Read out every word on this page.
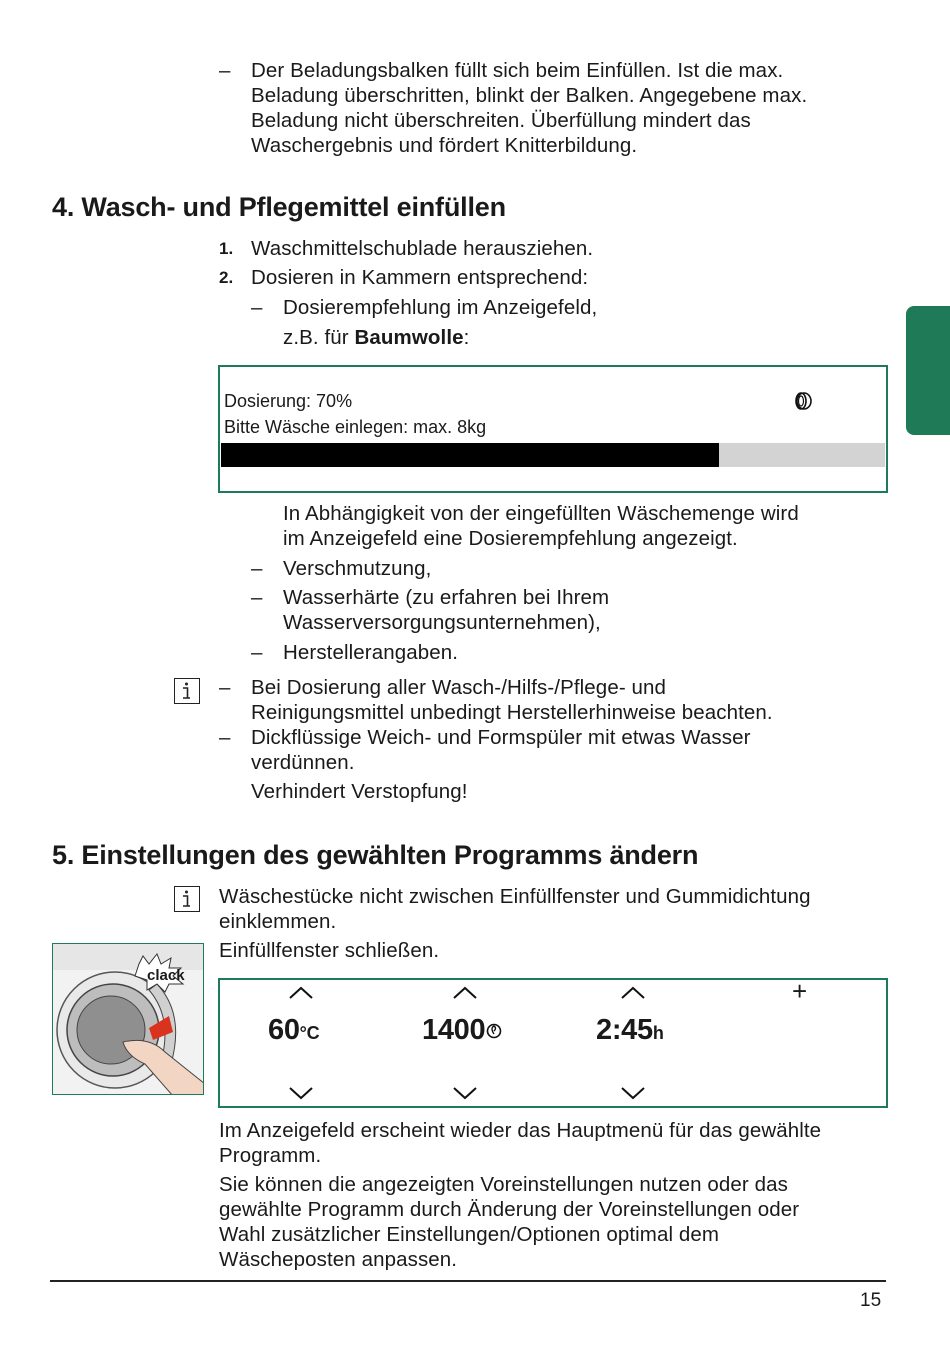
– Der Beladungsbalken füllt sich beim Einfüllen. Ist die max.
Beladung überschritten, blinkt der Balken. Angegebene max.
Beladung nicht überschreiten. Überfüllung mindert das
Waschergebnis und fördert Knitterbildung.
4. Wasch- und Pflegemittel einfüllen
1. Waschmittelschublade herausziehen.
2. Dosieren in Kammern entsprechend:
– Dosierempfehlung im Anzeigefeld,
z.B. für Baumwolle:
Dosierung: 70%
Bitte Wäsche einlegen: max. 8kg
In Abhängigkeit von der eingefüllten Wäschemenge wird
im Anzeigefeld eine Dosierempfehlung angezeigt.
– Verschmutzung,
– Wasserhärte (zu erfahren bei Ihrem
Wasserversorgungsunternehmen),
– Herstellerangaben.
– Bei Dosierung aller Wasch-/Hilfs-/Pflege- und
Reinigungsmittel unbedingt Herstellerhinweise beachten.
– Dickflüssige Weich- und Formspüler mit etwas Wasser
verdünnen.
Verhindert Verstopfung!
5. Einstellungen des gewählten Programms ändern
Wäschestücke nicht zwischen Einfüllfenster und Gummidichtung
einklemmen.
Einfüllfenster schließen.
clack
+
60°C	1400	2:45h
Im Anzeigefeld erscheint wieder das Hauptmenü für das gewählte
Programm.
Sie können die angezeigten Voreinstellungen nutzen oder das
gewählte Programm durch Änderung der Voreinstellungen oder
Wahl zusätzlicher Einstellungen/Optionen optimal dem
Wäscheposten anpassen.
15
